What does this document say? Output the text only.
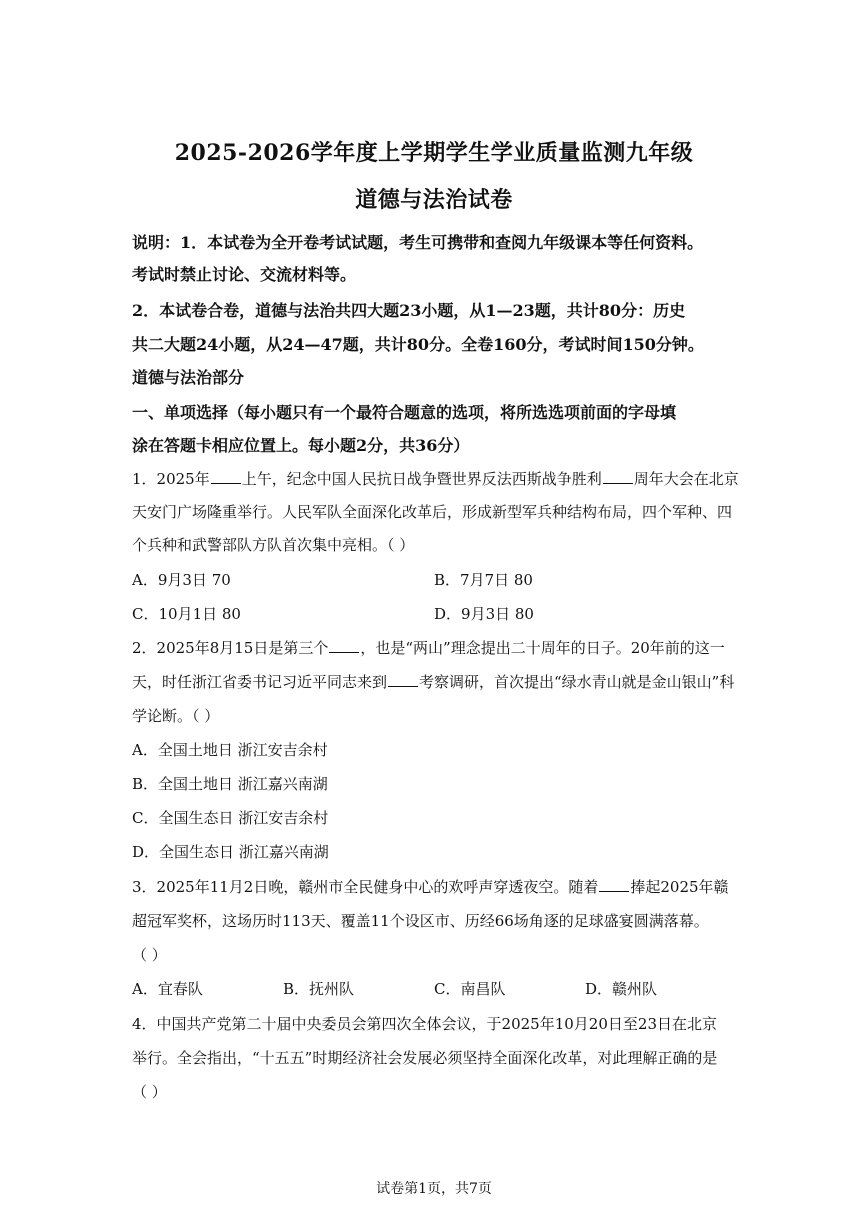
2025-2026学年度上学期学生学业质量监测九年级
道德与法治试卷
说明：1．本试卷为全开卷考试试题，考生可携带和查阅九年级课本等任何资料。
考试时禁止讨论、交流材料等。
2．本试卷合卷，道德与法治共四大题23小题，从1—23题，共计80分：历史
共二大题24小题，从24—47题，共计80分。全卷160分，考试时间150分钟。
道德与法治部分
一、单项选择（每小题只有一个最符合题意的选项，将所选选项前面的字母填
涂在答题卡相应位置上。每小题2分，共36分）
1．2025年 上午，纪念中国人民抗日战争暨世界反法西斯战争胜利 周年大会在北京
天安门广场隆重举行。人民军队全面深化改革后，形成新型军兵种结构布局，四个军种、四
个兵种和武警部队方队首次集中亮相。（ ）
A．9月3日 70	B．7月7日 80
C．10月1日 80	D．9月3日 80
2．2025年8月15日是第三个 ，也是“两山”理念提出二十周年的日子。20年前的这一
天，时任浙江省委书记习近平同志来到 考察调研，首次提出“绿水青山就是金山银山”科
学论断。（ ）
A．全国土地日 浙江安吉余村
B．全国土地日 浙江嘉兴南湖
C．全国生态日 浙江安吉余村
D．全国生态日 浙江嘉兴南湖
3．2025年11月2日晚，赣州市全民健身中心的欢呼声穿透夜空。随着 捧起2025年赣
超冠军奖杯，这场历时113天、覆盖11个设区市、历经66场角逐的足球盛宴圆满落幕。
（ ）
A．宜春队	B．抚州队	C．南昌队	D．赣州队
4．中国共产党第二十届中央委员会第四次全体会议，于2025年10月20日至23日在北京
举行。全会指出，“十五五”时期经济社会发展必须坚持全面深化改革，对此理解正确的是
（ ）
试卷第1页，共7页
